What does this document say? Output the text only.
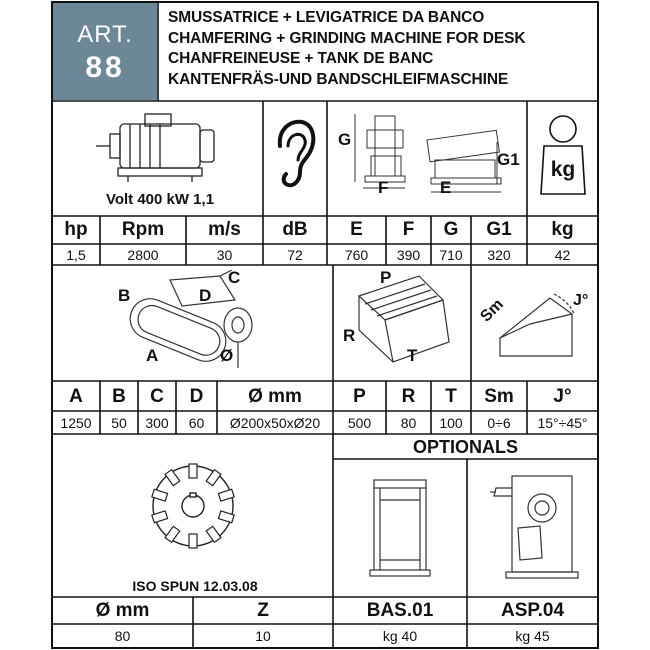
ART.
88
SMUSSATRICE + LEVIGATRICE DA BANCO
CHAMFERING + GRINDING MACHINE FOR DESK
CHANFREINEUSE + TANK DE BANC
KANTENFRÄS-UND BANDSCHLEIFMASCHINE
Volt 400 kW 1,1
G
F	E
G1	kg
hp	Rpm	m/s	dB	E	F	G	G1	kg
1,5	2800	30	72	760	390	710	320	42
B
C
D
A	Ø
P
R
T
Sm	J°
A	B	C	D	Ø mm	P	R	T	Sm	J°
1250	50	300	60	Ø200x50xØ20	500	80	100	0÷6	15°÷45°
ISO SPUN 12.03.08
OPTIONALS
Ø mm	Z	BAS.01	ASP.04
80	10	kg 40	kg 45
